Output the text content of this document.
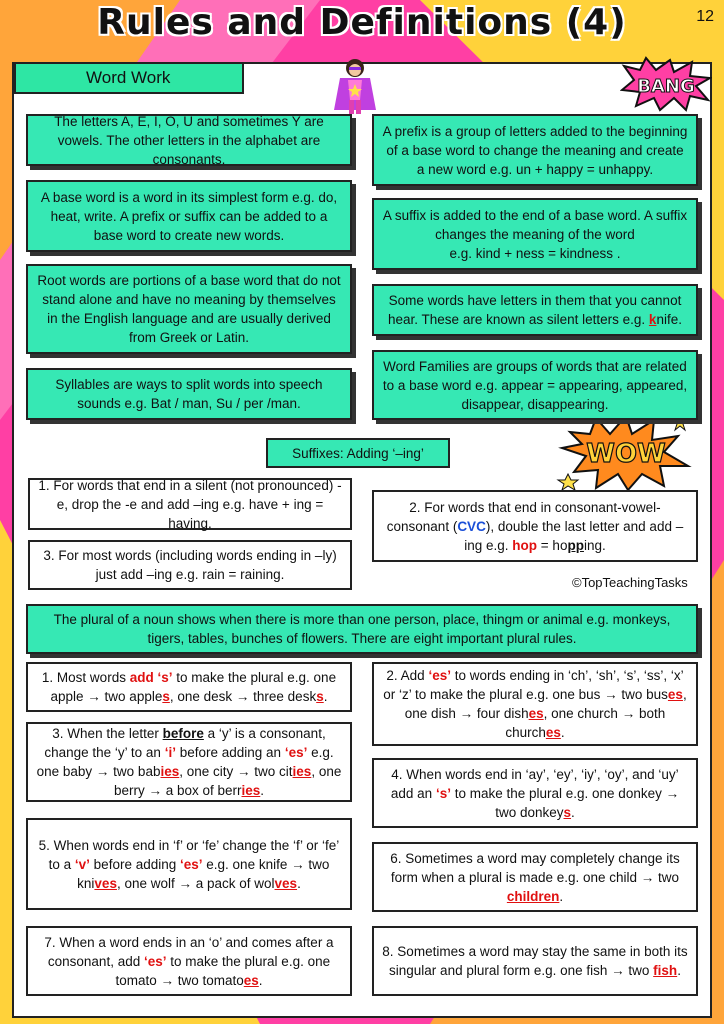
Rules and Definitions (4)	12
Word Work	BANG
WOW
The letters A, E, I, O, U and sometimes Y are vowels. The other letters in the alphabet are consonants.
A base word is a word in its simplest form e.g. do, heat, write. A prefix or suffix can be added to a base word to create new words.
Root words are portions of a base word that do not stand alone and have no meaning by themselves in the English language and are usually derived from Greek or Latin.
Syllables are ways to split words into speech sounds e.g. Bat / man, Su / per /man.
A prefix is a group of letters added to the beginning of a base word to change the meaning and create a new word e.g. un + happy = unhappy.
A suffix is added to the end of a base word. A suffix changes the meaning of the word
e.g. kind + ness = kindness .
Some words have letters in them that you cannot hear. These are known as silent letters e.g. knife.
Word Families are groups of words that are related to a base word e.g. appear = appearing, appeared, disappear, disappearing.
Suffixes: Adding ‘–ing’
1. For words that end in a silent (not pronounced) -e, drop the -e and add –ing e.g. have + ing = having.
2. For words that end in consonant-vowel-consonant (CVC), double the last letter and add –ing e.g. hop = hopping.
3. For most words (including words ending in –ly) just add –ing e.g. rain = raining.
©TopTeachingTasks
The plural of a noun shows when there is more than one person, place, thingm or animal e.g. monkeys, tigers, tables, bunches of flowers. There are eight important plural rules.
1. Most words add ‘s’ to make the plural e.g. one apple → two apples, one desk → three desks.
3. When the letter before a ‘y’ is a consonant, change the ‘y’ to an ‘i’ before adding an ‘es’ e.g. one baby → two babies, one city → two cities, one berry → a box of berries.
5. When words end in ‘f’ or ‘fe’ change the ‘f’ or ‘fe’ to a ‘v’ before adding ‘es’ e.g. one knife → two knives, one wolf → a pack of wolves.
7. When a word ends in an ‘o’ and comes after a consonant, add ‘es’ to make the plural e.g. one tomato → two tomatoes.
2. Add ‘es’ to words ending in ‘ch’, ‘sh’, ‘s’, ‘ss’, ‘x’ or ‘z’ to make the plural e.g. one bus → two buses, one dish → four dishes, one church → both churches.
4. When words end in ‘ay’, ‘ey’, ‘iy’, ‘oy’, and ‘uy’ add an ‘s’ to make the plural e.g. one donkey → two donkeys.
6. Sometimes a word may completely change its form when a plural is made e.g. one child → two children.
8. Sometimes a word may stay the same in both its singular and plural form e.g. one fish → two fish.
